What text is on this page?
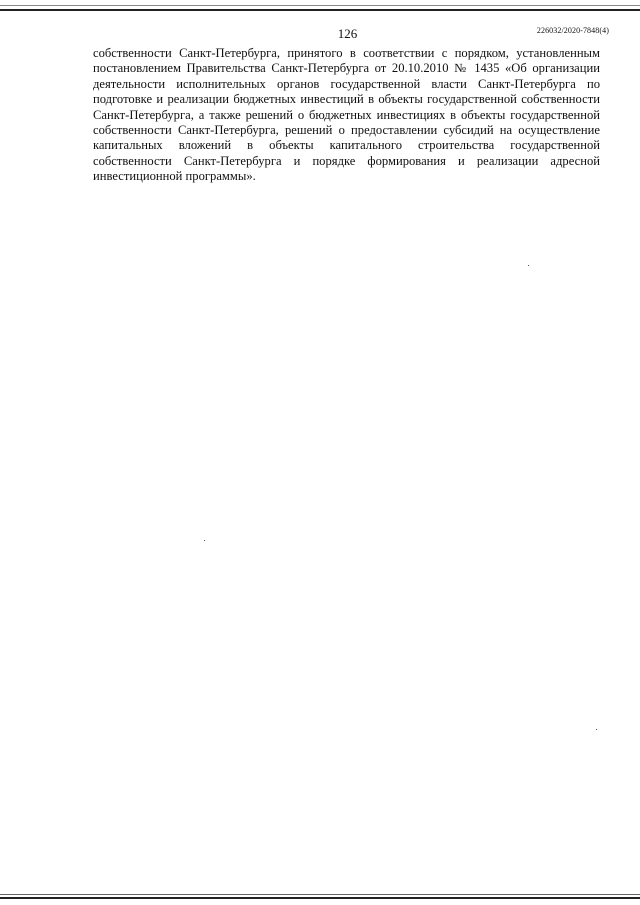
126	226032/2020-7848(4)

собственности Санкт-Петербурга, принятого в соответствии с порядком, установленным постановлением Правительства Санкт-Петербурга от 20.10.2010 № 1435 «Об организации деятельности исполнительных органов государственной власти Санкт-Петербурга по подготовке и реализации бюджетных инвестиций в объекты государственной собственности Санкт-Петербурга, а также решений о бюджетных инвестициях в объекты государственной собственности Санкт-Петербурга, решений о предоставлении субсидий на осуществление капитальных вложений в объекты капитального строительства государственной собственности Санкт-Петербурга и порядке формирования и реализации адресной инвестиционной программы».
